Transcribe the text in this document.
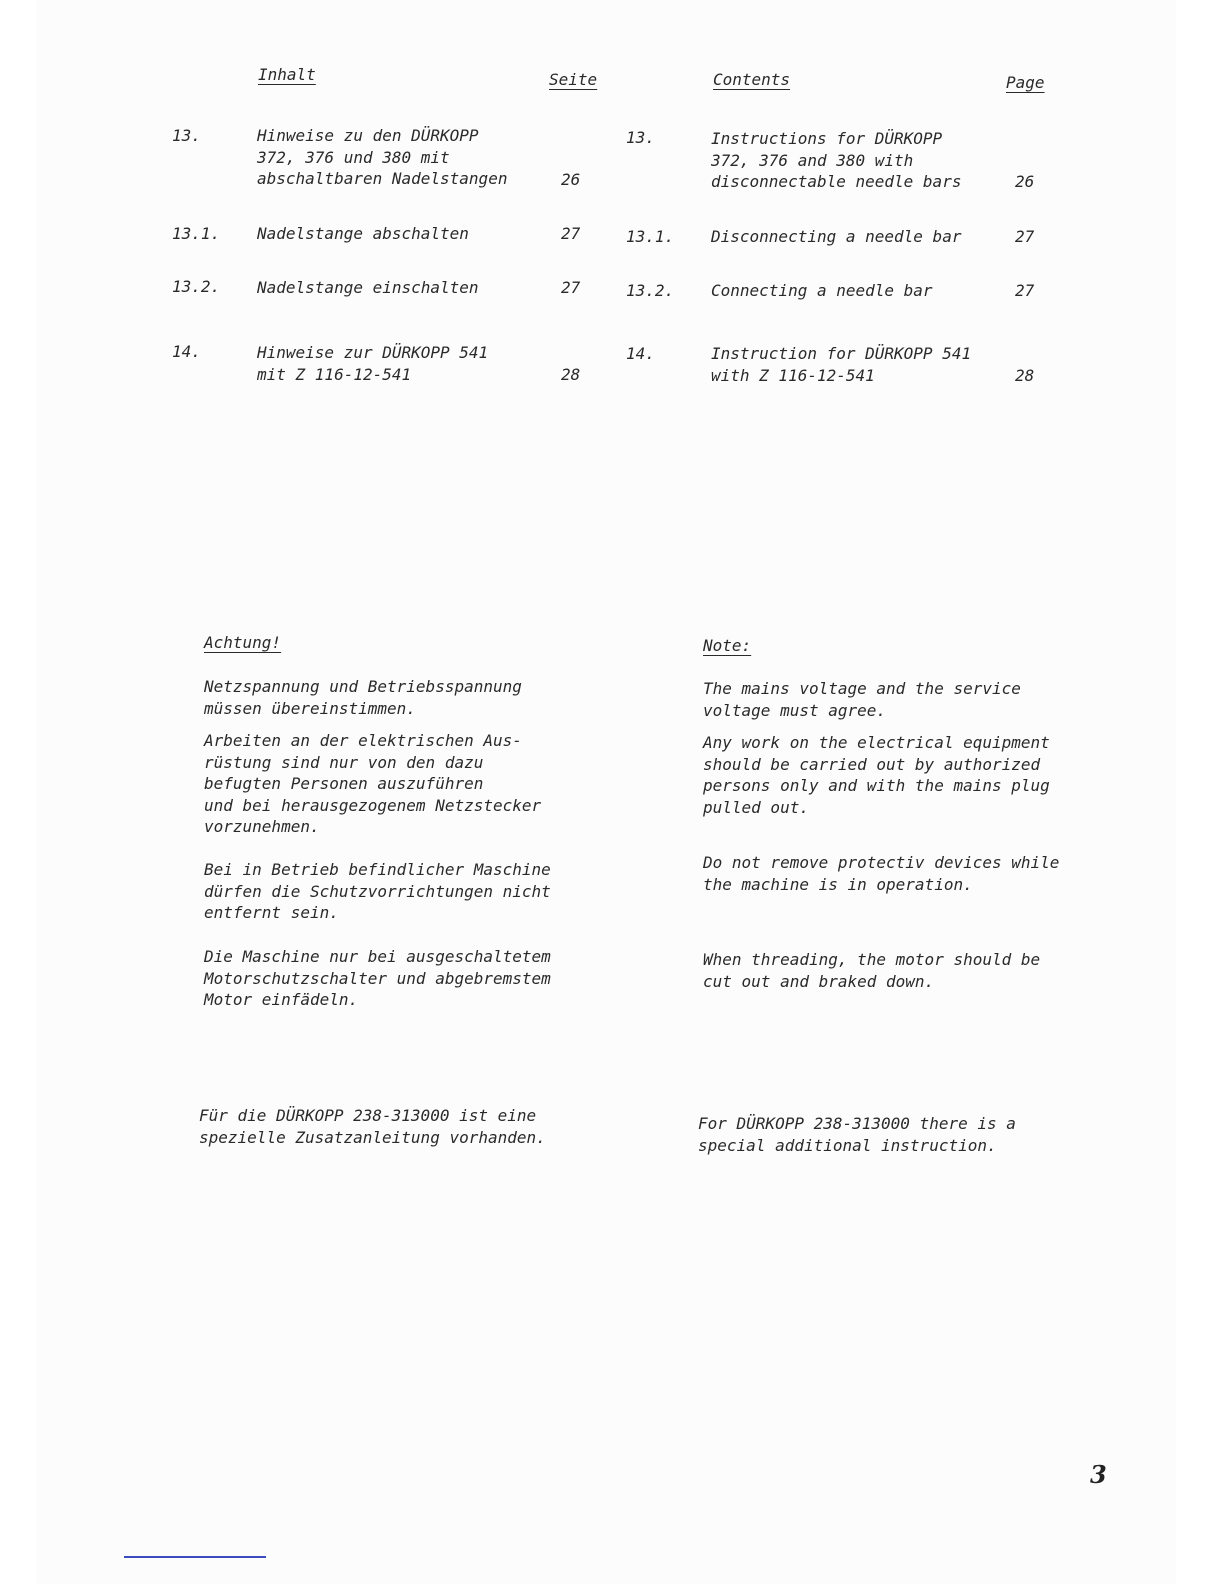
Inhalt	Seite	Contents	Page
13.	Hinweise zu den DÜRKOPP
372, 376 und 380 mit
abschaltbaren Nadelstangen	26
13.	Instructions for DÜRKOPP
372, 376 and 380 with
disconnectable needle bars	26
13.1. Nadelstange abschalten	27	13.1. Disconnecting a needle bar	27
13.2. Nadelstange einschalten	27	13.2. Connecting a needle bar	27
14.	Hinweise zur DÜRKOPP 541
mit Z 116-12-541	28
14.	Instruction for DÜRKOPP 541
with Z 116-12-541	28
Achtung!	Note:
Netzspannung und Betriebsspannung
müssen übereinstimmen.
Arbeiten an der elektrischen Aus-
rüstung sind nur von den dazu
befugten Personen auszuführen
und bei herausgezogenem Netzstecker
vorzunehmen.
Bei in Betrieb befindlicher Maschine
dürfen die Schutzvorrichtungen nicht
entfernt sein.
Die Maschine nur bei ausgeschaltetem
Motorschutzschalter und abgebremstem
Motor einfädeln.
The mains voltage and the service
voltage must agree.
Any work on the electrical equipment
should be carried out by authorized
persons only and with the mains plug
pulled out.
Do not remove protectiv devices while
the machine is in operation.
When threading, the motor should be
cut out and braked down.
Für die DÜRKOPP 238-313000 ist eine
spezielle Zusatzanleitung vorhanden.
For DÜRKOPP 238-313000 there is a
special additional instruction.
3
